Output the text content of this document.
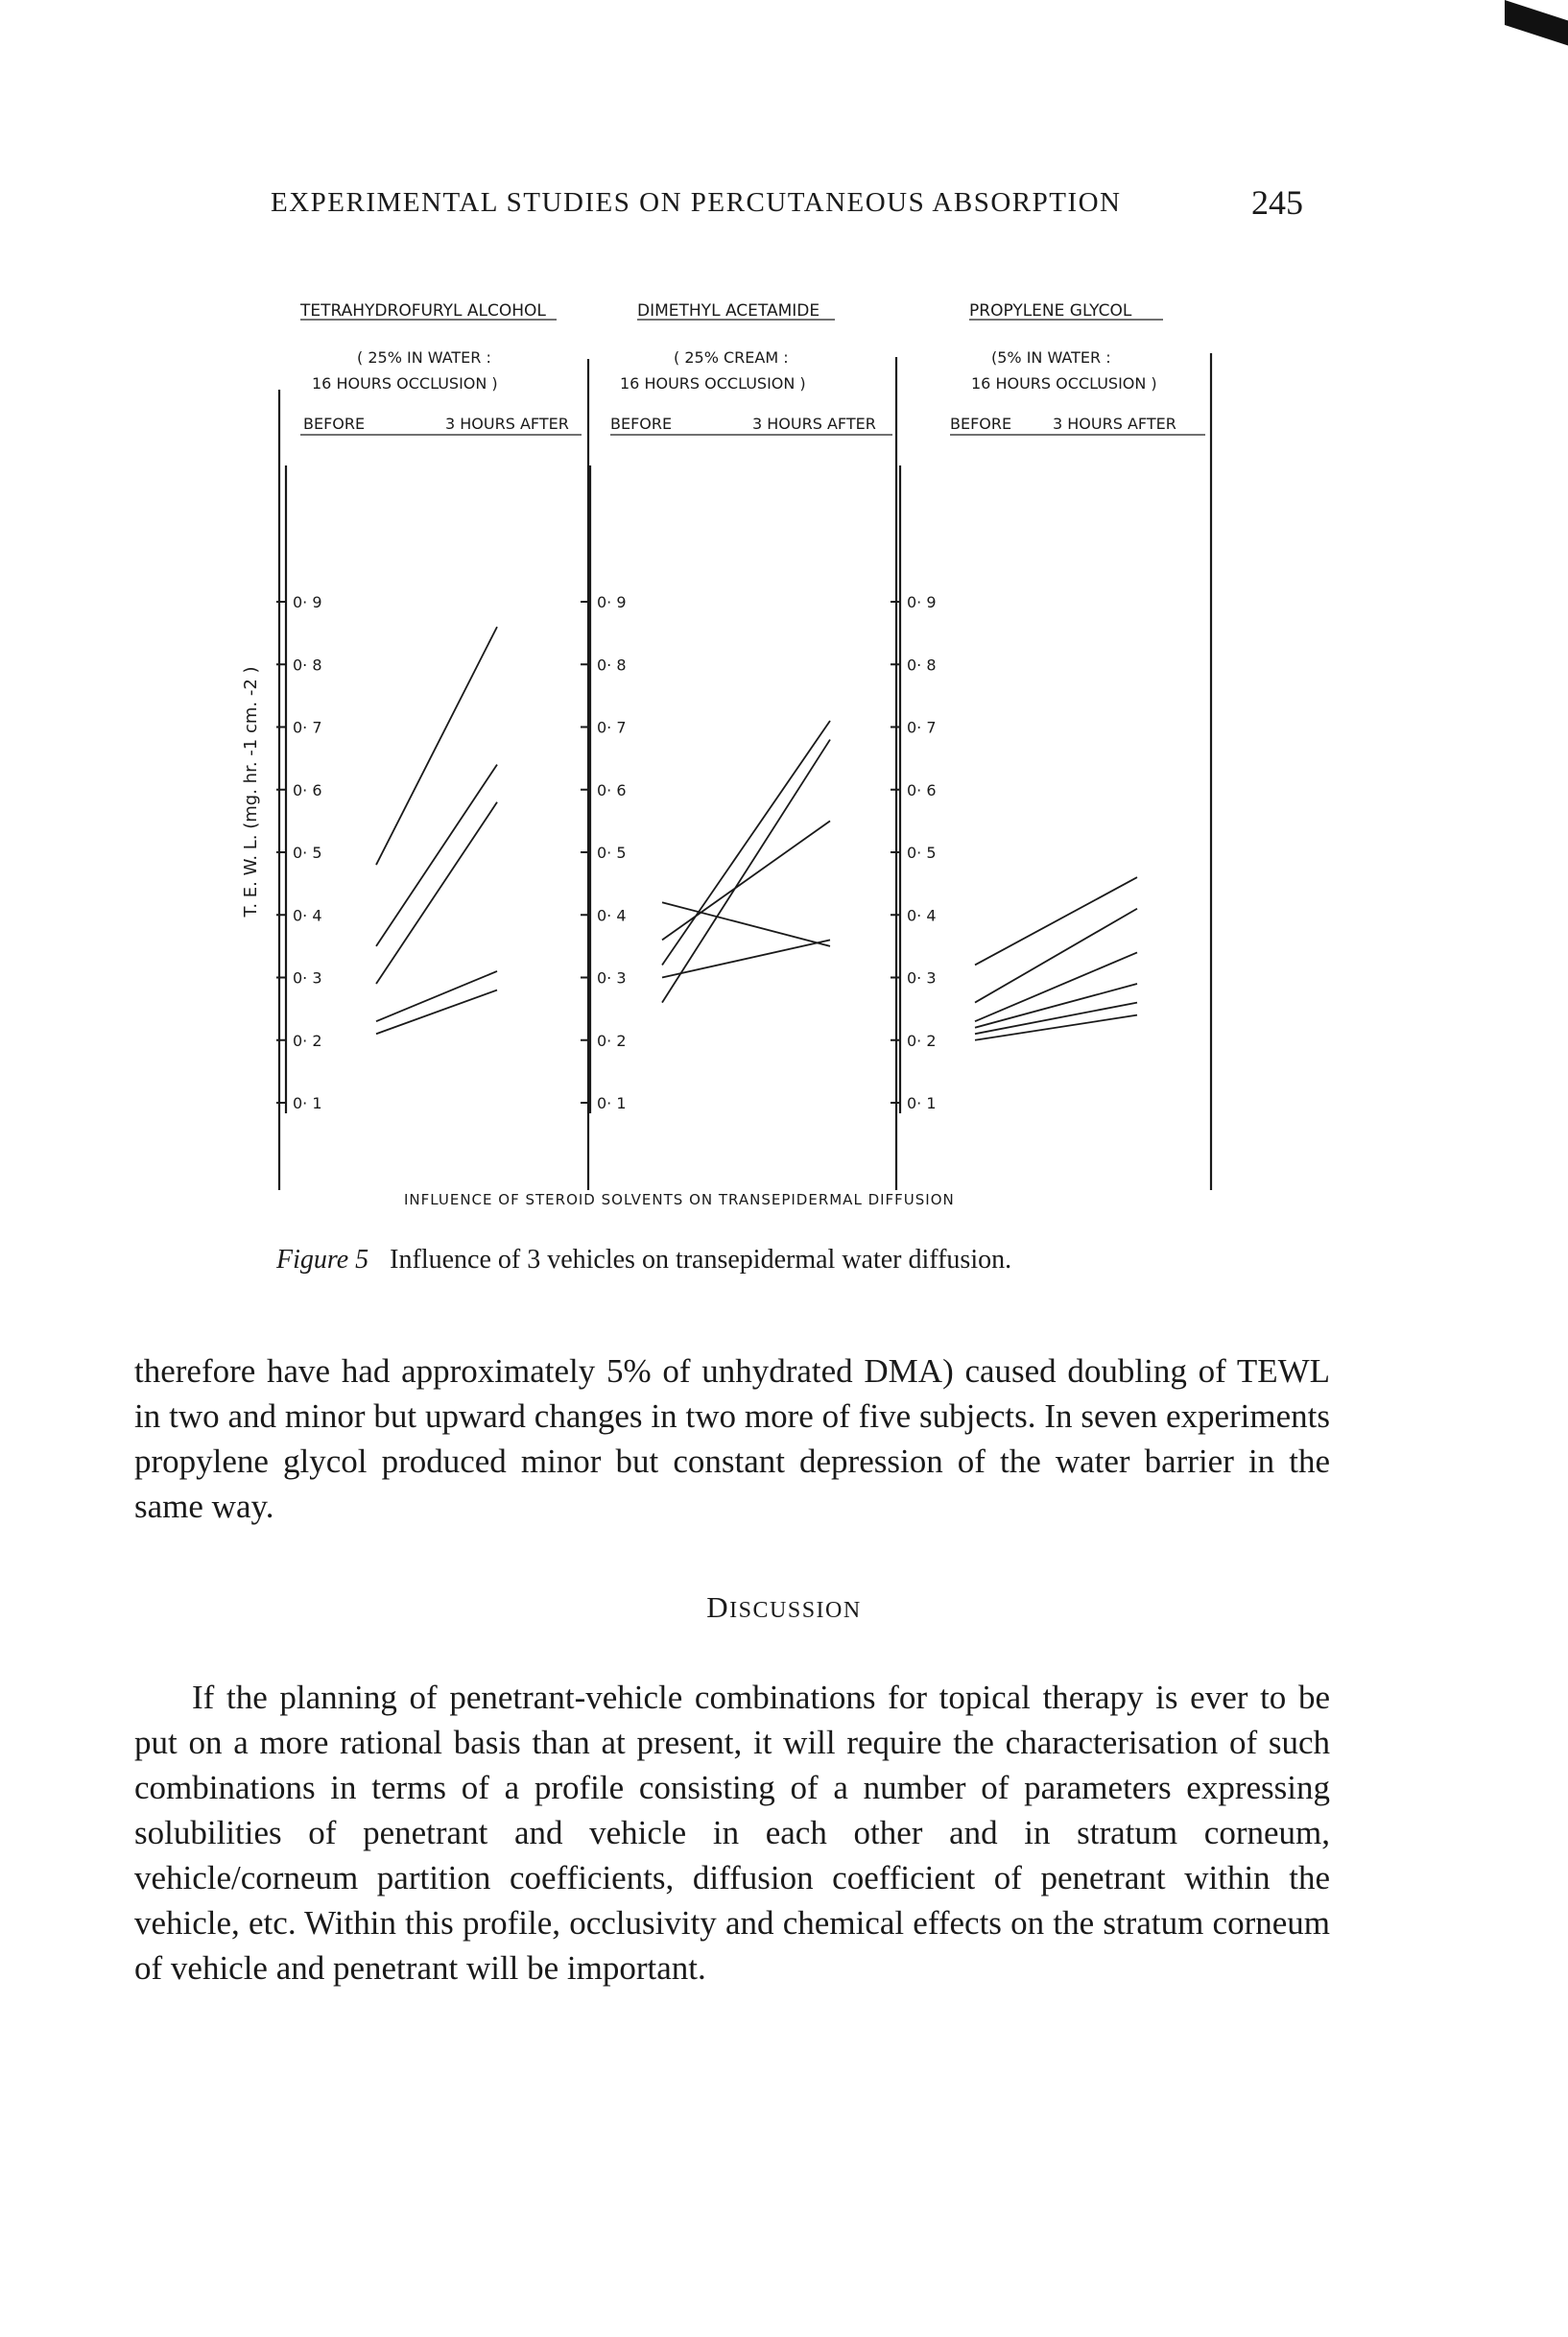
EXPERIMENTAL STUDIES ON PERCUTANEOUS ABSORPTION	245
TETRAHYDROFURYL ALCOHOL
( 25% IN WATER :
16 HOURS OCCLUSION )
BEFORE	3 HOURS AFTER
DIMETHYL ACETAMIDE
( 25% CREAM :
16 HOURS OCCLUSION )
BEFORE	3 HOURS AFTER
PROPYLENE GLYCOL
(5% IN WATER :
16 HOURS OCCLUSION )
BEFORE	3 HOURS AFTER
T. E. W. L. (mg. hr. -1 cm. -2 )
0· 9
0· 8
0· 7
0· 6
0· 5
0· 4
0· 3
0· 2
0· 1
0· 9
0· 8
0· 7
0· 6
0· 5
0· 4
0· 3
0· 2
0· 1
0· 9
0· 8
0· 7
0· 6
0· 5
0· 4
0· 3
0· 2
0· 1
INFLUENCE OF STEROID SOLVENTS ON TRANSEPIDERMAL DIFFUSION
Figure 5 Influence of 3 vehicles on transepidermal water diffusion.

therefore have had approximately 5% of unhydrated DMA) caused doubling of TEWL in two and minor but upward changes in two more of five subjects. In seven experiments propylene glycol produced minor but constant depression of the water barrier in the same way.

DISCUSSION

If the planning of penetrant-vehicle combinations for topical therapy is ever to be put on a more rational basis than at present, it will require the characterisation of such combinations in terms of a profile consisting of a number of parameters expressing solubilities of penetrant and vehicle in each other and in stratum corneum, vehicle/corneum partition coefficients, diffusion coefficient of penetrant within the vehicle, etc. Within this profile, occlusivity and chemical effects on the stratum corneum of vehicle and penetrant will be important.
